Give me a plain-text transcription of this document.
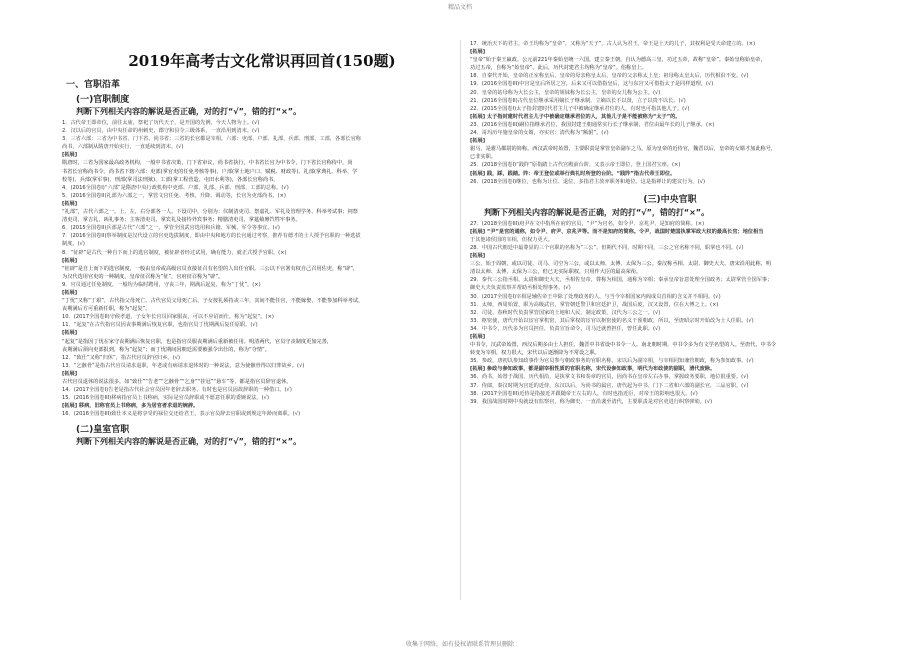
精品文档
2019年高考古文化常识再回首(150题)
一、官职沿革
(一)官职制度
判断下列相关内容的解说是否正确，对的打“√”，错的打“×”。
1．古代帝王即帝位，前往太庙，祭祀了历代天子，是开国的先例，今天人物为上。(√)
2．汉以后的官员，由中央任命的州刺史、郡守和县令三级体系，一直沿用到清末。(√)
3．三省六部：三省为中书省、门下省、尚书省；三省的长官都是宰相。六部：吏部、户部、礼部、兵部、刑部、工部，各部长官称
尚书，六部制从隋唐开始实行，一直延续到清末。(√)
[拓展]
隋唐时，三省为国家最高政务机构，一般中书省决策，门下省审议，尚书省执行，中书省长官为中书令，门下省长官称侍中，尚
书省长官称尚书令。尚书省下辖六部：吏部(掌官吏的任免考核等事)、户部(掌土地户口、赋税、财政等)、礼部(掌典礼、科举、学
校等)、兵部(掌军事)、刑部(掌司法刑狱)、工部(掌工程营造、屯田水利等)，各部长官称尚书。
4．(2016全国卷I)“六部”是隋唐中央行政机构中吏部、户部、礼部、兵部、刑部、工部的总称。(√)
5．(2016全国卷II)礼部为六部之一，掌管文官任免、考核、升降、调动等，长官为吏部尚书。(×)
[拓展]
“礼部”，古代六部之一，上、左，右分部各一人。下设司中，分别为：仪制清吏司、祭嘉礼、军礼及管理学务、科举考试事；祠祭
清吏司，掌吉礼、凶礼事务；主客清吏司，掌宾礼及接待外宾事务；精膳清吏司，掌筵飨廪饩牲牢事务。
6．(2015全国卷II)兵部是古代“六部”之一，掌管全国武官选用和兵籍、军械、军令等事宜。(√)
7．(2016全国卷II)察举制度是汉代设立的官吏选拔制度，即由中央和地方的长官通过考察，推荐有德才的士人授予官职的一种选拔
制度。(√)
8．“征辟”是古代一种自下而上的选官制度，被征辟者经过试用，确有能力，就正式授予官职。(×)
[拓展]
“征辟”是自上而下的选官制度，一般由皇帝或高级官员直接征召有名望的人出任官职。三公以下官署有权自己召用佐吏，称“辟”，
为汉代选用官吏的一种制度，皇帝征召称为“征”，官府征召称为“辟”。
9．官员通过任免制度，一般均为临时聘用，守丧三年，期满后起复，称为“丁忧”。(×)
[拓展]
“丁忧”又称“丁艰”，古代指父母死亡。古代官员父母死亡后，子女按礼须持丧三年，其间不能任官，不能嫁娶，不能参加科举考试，
丧期满后方可重新任职，称为“起复”。
10．(2017全国卷II)守候孝道，子女年长官员回家服丧，可以不应诏而仕。称为“起复”。(×)
11．“起复”在古代指官员因丧事期满后恢复官职，也指官员丁忧期满后复任原职。(√)
[拓展]
“起复”是指因丁忧在家守丧期满后恢复官职，也是指官员服丧期满后重新被任用。明清两代，官员守丧制度更加完善，
丧期满后须向吏部报到，称为“起复”；而丁忧期间因朝廷需要被强令出仕的，称为“夺情”。
12．“致仕”又称“归休”，指古代官员辞官归乡。(√)
13．“乞骸骨”是指古代官员请求退职，年老或有病请求退休时的一种说法，意为使骸骨得以归葬故乡。(√)
[拓展]
古代官员退休的说法很多，如“致仕”“告老”“乞骸骨”“乞身”“挂冠”“悬车”等，都是指官员辞官退休。
14．(2017全国卷I)告老是指古代社会官员因年老辞去职务，有时也是官员因故辞职的一种借口。(√)
15．(2016全国卷III)移病指官员上书称病，实际是官员辞职或不愿意任职的委婉说法。(√)
[拓展] 移病，旧称官员上书称病，多为居官者求退的婉辞。
16．(2016全国卷III)致仕本义是将享受的禄位交还给君王，表示官员辞去官职或到规定年龄而离职。(√)
(二)皇室官职
判断下列相关内容的解说是否正确，对的打“√”，错的打“×”。
17．统治天下的君主，帝王均称为“皇帝”，又称为“天子”。古人认为君王，帝王是上天的儿子，其权利是受天命建立的。(×)
[拓展]
“皇帝”始于秦王嬴政。公元前221年秦始皇统一六国，建立秦王朝，自认为德高三皇，功过五帝，故称“皇帝”。秦始皇称始皇帝，
功过五帝，自称为“始皇帝”。此后，历代封建君主均称为“皇帝”。俗称皇上。
18．自秦代开始，皇帝的正室称皇后，皇帝的母亲称皇太后，皇帝的父亲称太上皇；祖母称太皇太后，历代相沿不变。(√)
19．(2016全国卷III)中宫是皇后所居之宫，后来又可以借指皇后，这与东宫又可借指太子是同样道理。(√)
20．皇帝的姑母称为大长公主，皇帝的姐妹称为长公主，皇帝的女儿称为公主。(√)
21．(2016全国卷II)古代皇位继承采用嫡长子继承制，立嫡以长不以贤，立子以贵不以长。(√)
22．(2015全国卷I)太子指封建时代君主儿子中被确定继承君位的人，有时也可指其他儿子。(√)
[拓展] 太子指封建时代君主儿子中被确定继承君位的人，其他儿子是不能被称为“太子”的。
23．(2016全国卷III)嗣位指继承君位，我国封建王朝通常实行长子继承制，君位由最年长的儿子继承。(×)
24．哥玛历年施皇帝的女婿，亦实官：清代称为“额驸”。(√)
[拓展]
驸马，是驸马都尉的简称。西汉武帝时始置，主要职责是掌管皇帝副车之马。原为皇帝的近侍官，魏晋以后，皇帝的女婿才加此称号，
已非实职。
25．(2018全国卷I)“践阼”原指踏上古代宫殿前台阶，又表示帝王即位，登上国君宝座。(×)
[拓展] 践，踩，践踏。阼：帝王登位或举行典礼时所登的台阶。“践阼”指古代帝王即位。
26．(2018全国卷I)继位，也称为让位、退位，多指君主放弃职务和地位。这是指禅让的建议行为。(√)
(三)中央官职
判断下列相关内容的解说是否正确，对的打“√”，错的打“×”。
27．(2018全国卷III)府尹在文中指所在府的官员，“尹”为官名，如令尹、京兆尹、是知府的简称。(×)
[拓展] “尹”是官的通称，如令尹、府尹、京兆尹等。而不是知府的简称。令尹，战国时楚国执掌军政大权的最高长官；地位相当
于其他诸侯国的宰相，但权力更大。
28．中国古代朝廷中最尊显的三个官职的名称为“三公”，但期代不同，时期不同，三公之官名称不同，职掌也不同。(√)
[拓展]
三公，始于周朝，或以司徒、司马、司空为三公，或以太师、太傅、太保为三公。秦汉称丞相、太尉、御史大夫。唐宋沿用此称，明
清以太师、太傅、太保为三公，但已无实际职权，只用作大臣的最高荣衔。
29．秦代三公指丞相、太尉和御史大夫，丞相佐皇帝，尊称为相国，通称为宰相；秦承皇帝旨意处理全国政务；太尉掌管全国军事；
御史大夫负责监察并帮助丞相处理事务。(√)
30．(2017全国卷I)宰相是辅佐帝王中除了处理政务的人，与当今宰相国家内阁成员首相的含义并不相同。(√)
31．太师，西周始置，职为高级武官，掌管朝廷警卫和宫廷护卫，战国后废，汉又设置，位在大傅之上。(×)
32．司徒、春秋时代负责掌管国家的土地和人民，制定政策，汉代为三公之一。(√)
33．枢密使，唐代开始以宦官掌机密，其后掌权的宦官以枢密使的名义干预朝政，所以，至唐昭宗时开始改为士人任职。(√)
34．中书令，历代多为官员担任，负责宣旨命令，司马迁就曾担任，曾任此职。(√)
[拓展]
中书令，汉武帝始置，西汉后期多由士人担任，魏晋中书省设中书令一人。南北朝时期，中书令多为有文学名望的人。至唐代，中书令
转变为宰相，权力很大，宋代以后逐渐降为不常设之职。
35．参政，唐初以参知政事作为官员参与朝政事务的官职名称，宋以后为副宰相，与宰相同知兼管朝政，称为参知政事。(√)
[拓展] 参政与参知政事，都是副宰相性质的官职名称，宋代设参知政事，明代为布政使的副职，清代废除。
36．尚书，始置于战国，历代相沿，是执掌文书和奏章的官员，因尚书在皇帝左右办事，掌握政务要职，地位很重要。(√)
37．侍郎，秦汉时期为宫廷的近侍，东汉以后，为尚书的属官，唐代起为中书、门下二省和六部的副长官，三品官职。(√)
38．(2017全国卷III)近侍是指接近并跟随帝王左右的人，有时也指近臣，对帝王的影响也很大。(√)
39．我国战国时期中央就设有监察官，称为御史，一直沿袭至清代，主要职责是对官吏进行纠察弹劾。(√)
收集于网络，如有侵权请联系管理员删除
